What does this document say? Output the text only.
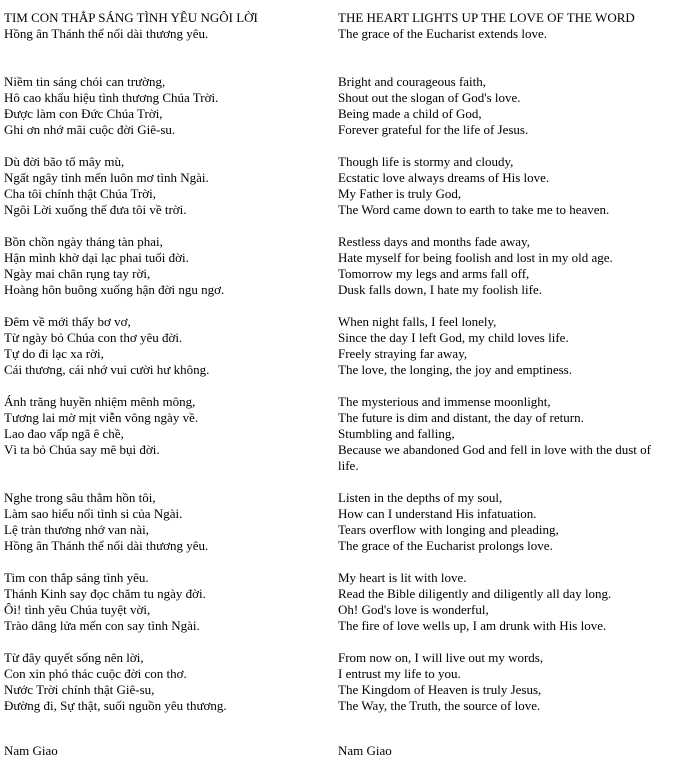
TIM CON THẮP SÁNG TÌNH YÊU NGÔI LỜI

Hồng ân Thánh thể nối dài thương yêu.

Niềm tin sáng chói can trường,

Hô cao khẩu hiệu tình thương Chúa Trời.

Được làm con Đức Chúa Trời,

Ghi ơn nhớ mãi cuộc đời Giê-su.

Dù đời bão tố mây mù,

Ngất ngây tình mến luôn mơ tình Ngài.

Cha tôi chính thật Chúa Trời,

Ngôi Lời xuống thế đưa tôi về trời.

Bồn chồn ngày tháng tàn phai,

Hận mình khờ dại lạc phai tuổi đời.

Ngày mai chân rụng tay rời,

Hoàng hôn buông xuống hận đời ngu ngơ.

Đêm về mới thấy bơ vơ,

Từ ngày bỏ Chúa con thơ yêu đời.

Tự do đi lạc xa rời,

Cái thương, cái nhớ vui cười hư không.

Ánh trăng huyền nhiệm mênh mông,

Tương lai mờ mịt viễn vông ngày về.

Lao đao vấp ngã ê chề,

Vì ta bỏ Chúa say mê bụi đời.

Nghe trong sâu thẳm hồn tôi,

Làm sao hiểu nổi tình si của Ngài.

Lệ tràn thương nhớ van nài,

Hồng ân Thánh thể nối dài thương yêu.

Tim con thắp sáng tình yêu.

Thánh Kinh say đọc chăm tu ngày đời.

Ôi! tình yêu Chúa tuyệt vời,

Trào dâng lửa mến con say tình Ngài.

Từ đây quyết sống nên lời,

Con xin phó thác cuộc đời con thơ.

Nước Trời chính thật Giê-su,

Đường đi, Sự thật, suối nguồn yêu thương.

THE HEART LIGHTS UP THE LOVE OF THE WORD

The grace of the Eucharist extends love.

Bright and courageous faith,

Shout out the slogan of God's love.

Being made a child of God,

Forever grateful for the life of Jesus.

Though life is stormy and cloudy,

Ecstatic love always dreams of His love.

My Father is truly God,

The Word came down to earth to take me to heaven.

Restless days and months fade away,

Hate myself for being foolish and lost in my old age.

Tomorrow my legs and arms fall off,

Dusk falls down, I hate my foolish life.

When night falls, I feel lonely,

Since the day I left God, my child loves life.

Freely straying far away,

The love, the longing, the joy and emptiness.

The mysterious and immense moonlight,

The future is dim and distant, the day of return.

Stumbling and falling,

Because we abandoned God and fell in love with the dust of life.

Listen in the depths of my soul,

How can I understand His infatuation.

Tears overflow with longing and pleading,

The grace of the Eucharist prolongs love.

My heart is lit with love.

Read the Bible diligently and diligently all day long.

Oh! God's love is wonderful,

The fire of love wells up, I am drunk with His love.

From now on, I will live out my words,

I entrust my life to you.

The Kingdom of Heaven is truly Jesus,

The Way, the Truth, the source of love.

Nam Giao	Nam Giao
